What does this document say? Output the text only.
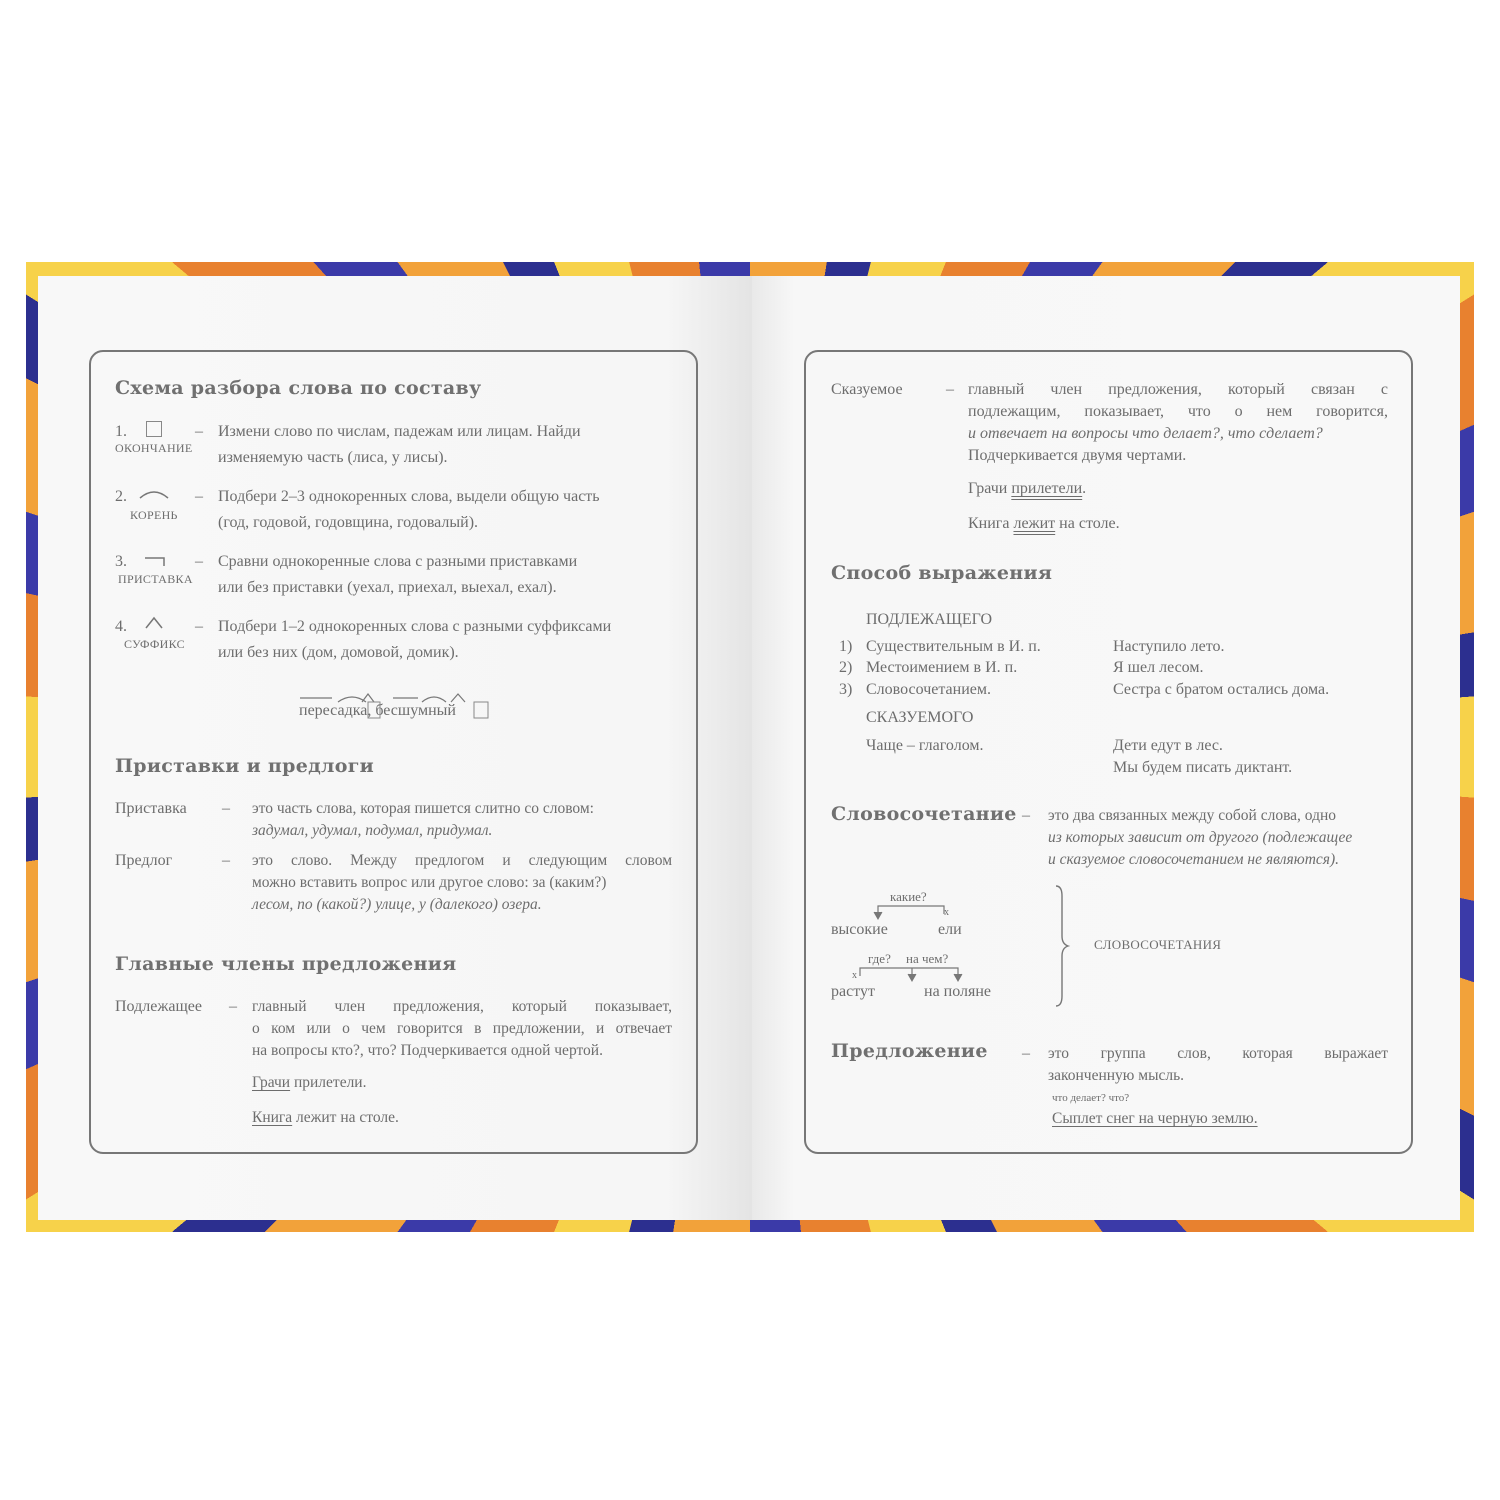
Схема разбора слова по составу
1.
ОКОНЧАНИЕ
– Измени слово по числам, падежам или лицам. Найди
изменяемую часть (лиса, у лисы).
2.
КОРЕНЬ
– Подбери 2–3 однокоренных слова, выдели общую часть
(год, годовой, годовщина, годовалый).
3.
ПРИСТАВКА
– Сравни однокоренные слова с разными приставками
или без приставки (уехал, приехал, выехал, ехал).
4.
СУФФИКС
– Подбери 1–2 однокоренных слова с разными суффиксами
или без них (дом, домовой, домик).
пересадка, бесшумный
Приставки и предлоги
Приставка – это часть слова, которая пишется слитно со словом:
задумал, удумал, подумал, придумал.
Предлог	– это слово. Между предлогом и следующим словом
можно вставить вопрос или другое слово: за (каким?)
лесом, по (какой?) улице, у (далекого) озера.
Главные члены предложения
Подлежащее – главный член предложения, который показывает,
о ком или о чем говорится в предложении, и отвечает
на вопросы кто?, что? Подчеркивается одной чертой.
Грачи прилетели.
Книга лежит на столе.
Сказуемое	– главный член предложения, который связан с
подлежащим, показывает, что о нем говорится,
и отвечает на вопросы что делает?, что сделает?
Подчеркивается двумя чертами.
Грачи прилетели.
Книга лежит на столе.
Способ выражения
ПОДЛЕЖАЩЕГО
1) Существительным в И. п.	Наступило лето.
2) Местоимением в И. п.	Я шел лесом.
3) Словосочетанием.	Сестра с братом остались дома.
СКАЗУЕМОГО
Чаще – глаголом.	Дети едут в лес.
Мы будем писать диктант.
Словосочетание – это два связанных между собой слова, одно
из которых зависит от другого (подлежащее
и сказуемое словосочетанием не являются).
какие?
x
высокие	ели
где? на чем?
x
растут	на поляне
СЛОВОСОЧЕТАНИЯ
Предложение – это группа слов, которая выражает
законченную мысль.
что делает? что?
Сыплет снег на черную землю.
